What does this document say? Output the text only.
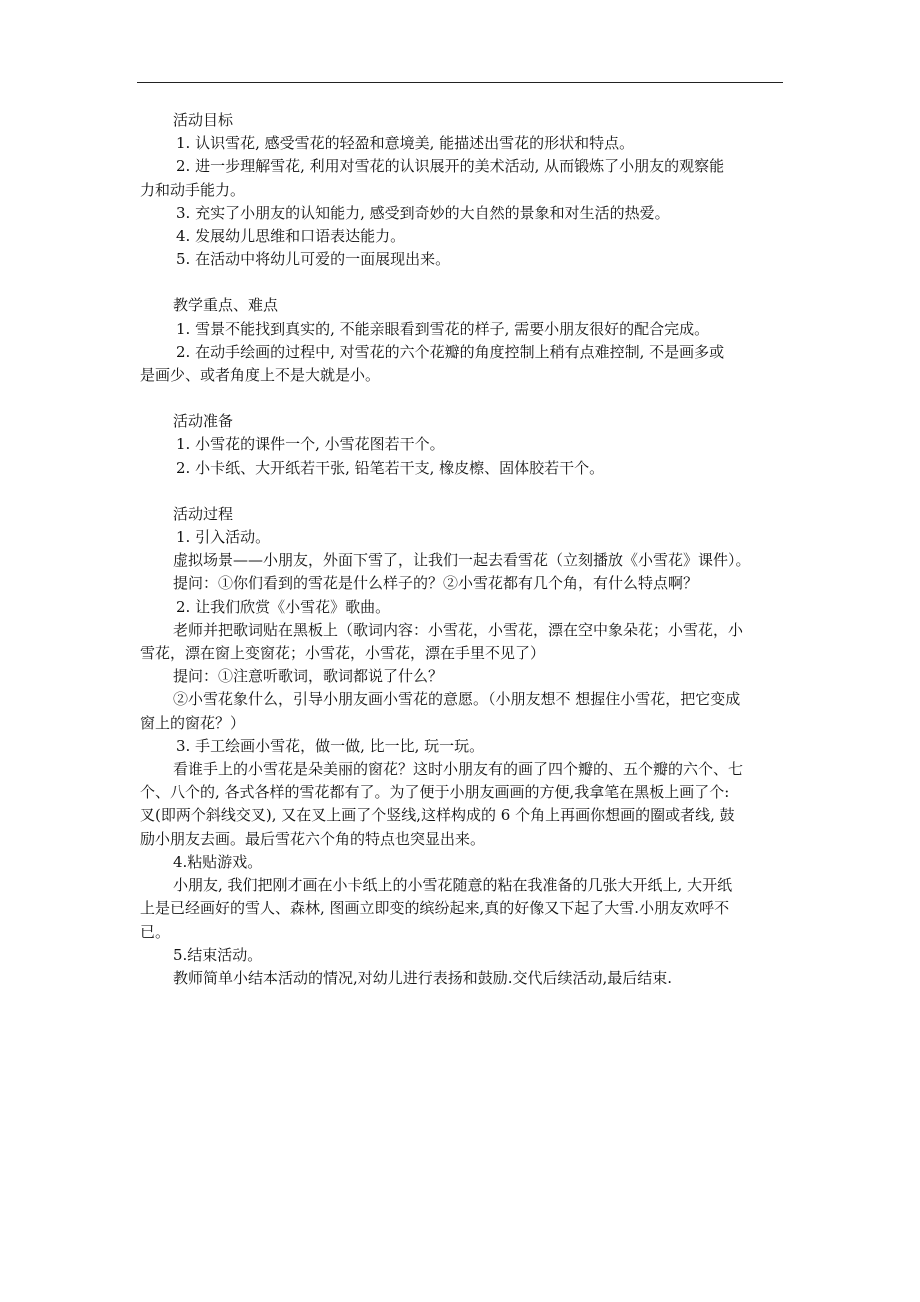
活动目标
1. 认识雪花, 感受雪花的轻盈和意境美, 能描述出雪花的形状和特点。
2. 进一步理解雪花, 利用对雪花的认识展开的美术活动, 从而锻炼了小朋友的观察能
力和动手能力。
3. 充实了小朋友的认知能力, 感受到奇妙的大自然的景象和对生活的热爱。
4. 发展幼儿思维和口语表达能力。
5. 在活动中将幼儿可爱的一面展现出来。
教学重点、难点
1. 雪景不能找到真实的, 不能亲眼看到雪花的样子, 需要小朋友很好的配合完成。
2. 在动手绘画的过程中, 对雪花的六个花瓣的角度控制上稍有点难控制, 不是画多或
是画少、或者角度上不是大就是小。
活动准备
1. 小雪花的课件一个, 小雪花图若干个。
2. 小卡纸、大开纸若干张, 铅笔若干支, 橡皮檫、固体胶若干个。
活动过程
1. 引入活动。
虚拟场景——小朋友，外面下雪了，让我们一起去看雪花（立刻播放《小雪花》课件）。
提问：①你们看到的雪花是什么样子的？②小雪花都有几个角，有什么特点啊？
2. 让我们欣赏《小雪花》歌曲。
老师并把歌词贴在黑板上（歌词内容：小雪花，小雪花，漂在空中象朵花；小雪花，小
雪花，漂在窗上变窗花；小雪花，小雪花，漂在手里不见了）
提问：①注意听歌词，歌词都说了什么？
②小雪花象什么，引导小朋友画小雪花的意愿。（小朋友想不 想握住小雪花，把它变成
窗上的窗花？）
3. 手工绘画小雪花，做一做, 比一比, 玩一玩。
看谁手上的小雪花是朵美丽的窗花？这时小朋友有的画了四个瓣的、五个瓣的六个、七
个、八个的, 各式各样的雪花都有了。为了便于小朋友画画的方便,我拿笔在黑板上画了个:
叉(即两个斜线交叉), 又在叉上画了个竖线,这样构成的 6 个角上再画你想画的圈或者线, 鼓
励小朋友去画。最后雪花六个角的特点也突显出来。
4.粘贴游戏。
小朋友, 我们把刚才画在小卡纸上的小雪花随意的粘在我准备的几张大开纸上, 大开纸
上是已经画好的雪人、森林, 图画立即变的缤纷起来,真的好像又下起了大雪.小朋友欢呼不
已。
5.结束活动。
教师简单小结本活动的情况,对幼儿进行表扬和鼓励.交代后续活动,最后结束.
